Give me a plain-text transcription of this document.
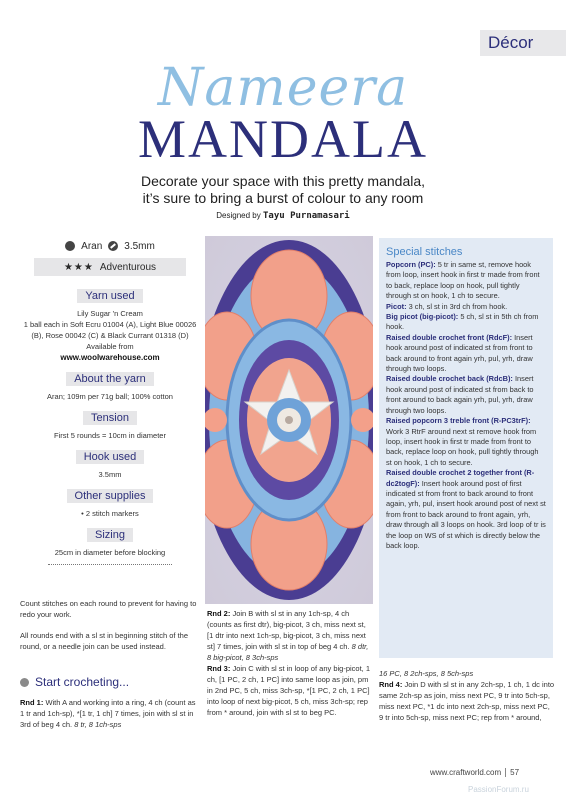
Décor
Nameera
MANDALA
Decorate your space with this pretty mandala,
it’s sure to bring a burst of colour to any room
Designed by Tayu Purnamasari
Aran 3.5mm
★★★ Adventurous
Yarn used
Lily Sugar ’n Cream
1 ball each in Soft Ecru 01004 (A), Light Blue 00026 (B), Rose 00042 (C) & Black Currant 01318 (D)
Available from
www.woolwarehouse.com
About the yarn
Aran; 109m per 71g ball; 100% cotton
Tension
First 5 rounds = 10cm in diameter
Hook used
3.5mm
Other supplies
• 2 stitch markers
Sizing
25cm in diameter before blocking
Count stitches on each round to prevent for having to redo your work.
All rounds end with a sl st in beginning stitch of the round, or a needle join can be used instead.
Start crocheting...
Rnd 1: With A and working into a ring, 4 ch (count as 1 tr and 1ch-sp), *[1 tr, 1 ch] 7 times, join with sl st in 3rd of beg 4 ch. 8 tr, 8 1ch-sps
Special stitches

Popcorn (PC): 5 tr in same st, remove hook from loop, insert hook in first tr made from front to back, replace loop on hook, pull tightly through st on hook, 1 ch to secure.

Picot: 3 ch, sl st in 3rd ch from hook.

Big picot (big-picot): 5 ch, sl st in 5th ch from hook.

Raised double crochet front (RdcF): Insert hook around post of indicated st from front to back around to front again yrh, pul, yrh, draw through two loops.

Raised double crochet back (RdcB): Insert hook around post of indicated st from back to front around to back again yrh, pul, yrh, draw through two loops.

Raised popcorn 3 treble front (R-PC3trF): Work 3 RtrF around next st remove hook from loop, insert hook in first tr made from front to back, replace loop on hook, pull tightly through st on hook, 1 ch to secure.

Raised double crochet 2 together front (R-dc2togF): Insert hook around post of first indicated st from front to back around to front again, yrh, pul, insert hook around post of next st from front to back around to front again, yrh, draw through all 3 loops on hook. 3rd loop of tr is the loop on WS of st which is directly below the back loop.

Rnd 2: Join B with sl st in any 1ch-sp, 4 ch (counts as first dtr), big-picot, 3 ch, miss next st, [1 dtr into next 1ch-sp, big-picot, 3 ch, miss next st] 7 times, join with sl st in top of beg 4 ch. 8 dtr, 8 big-picot, 8 3ch-sps
Rnd 3: Join C with sl st in loop of any big-picot, 1 ch, [1 PC, 2 ch, 1 PC] into same loop as join, pm in 2nd PC, 5 ch, miss 3ch-sp, *[1 PC, 2 ch, 1 PC] into loop of next big-picot, 5 ch, miss 3ch-sp; rep from * around, join with sl st to beg PC.
16 PC, 8 2ch-sps, 8 5ch-sps
Rnd 4: Join D with sl st in any 2ch-sp, 1 ch, 1 dc into same 2ch-sp as join, miss next PC, 9 tr into 5ch-sp, miss next PC, *1 dc into next 2ch-sp, miss next PC, 9 tr into 5ch-sp, miss next PC; rep from * around,
www.craftworld.com 57
PassionForum.ru
